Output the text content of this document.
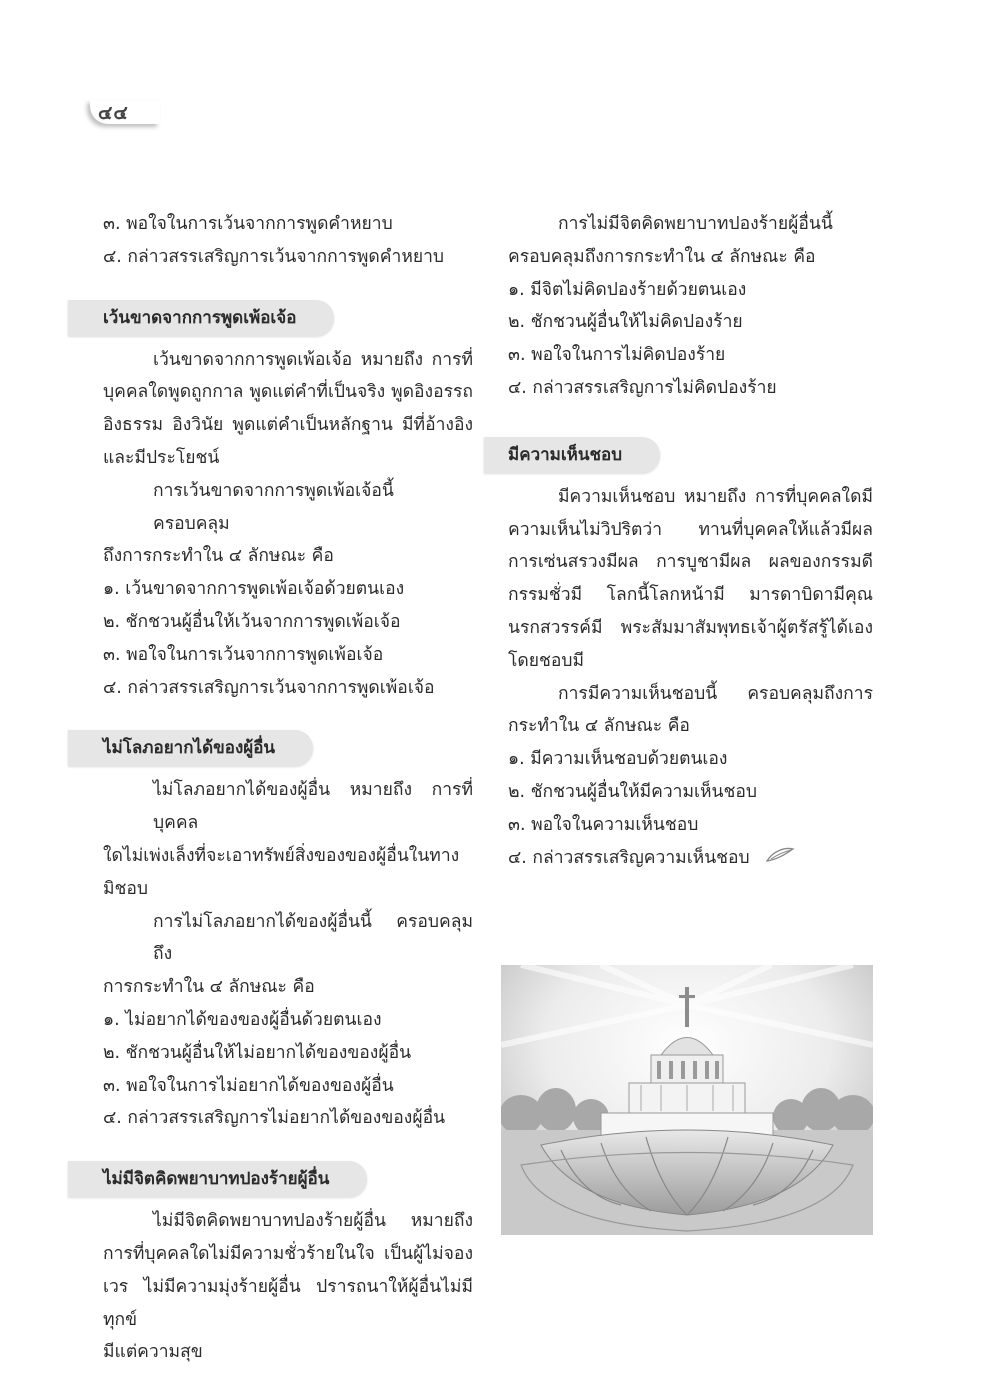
๔๔
๓. พอใจในการเว้นจากการพูดคำหยาบ
๔. กล่าวสรรเสริญการเว้นจากการพูดคำหยาบ
เว้นขาดจากการพูดเพ้อเจ้อ
เว้นขาดจากการพูดเพ้อเจ้อ หมายถึง การที่
บุคคลใดพูดถูกกาล พูดแต่คำที่เป็นจริง พูดอิงอรรถ
อิงธรรม อิงวินัย พูดแต่คำเป็นหลักฐาน มีที่อ้างอิง
และมีประโยชน์
การเว้นขาดจากการพูดเพ้อเจ้อนี้ ครอบคลุม
ถึงการกระทำใน ๔ ลักษณะ คือ
๑. เว้นขาดจากการพูดเพ้อเจ้อด้วยตนเอง
๒. ชักชวนผู้อื่นให้เว้นจากการพูดเพ้อเจ้อ
๓. พอใจในการเว้นจากการพูดเพ้อเจ้อ
๔. กล่าวสรรเสริญการเว้นจากการพูดเพ้อเจ้อ
ไม่โลภอยากได้ของผู้อื่น
ไม่โลภอยากได้ของผู้อื่น หมายถึง การที่บุคคล
ใดไม่เพ่งเล็งที่จะเอาทรัพย์สิ่งของของผู้อื่นในทาง
มิชอบ
การไม่โลภอยากได้ของผู้อื่นนี้ ครอบคลุมถึง
การกระทำใน ๔ ลักษณะ คือ
๑. ไม่อยากได้ของของผู้อื่นด้วยตนเอง
๒. ชักชวนผู้อื่นให้ไม่อยากได้ของของผู้อื่น
๓. พอใจในการไม่อยากได้ของของผู้อื่น
๔. กล่าวสรรเสริญการไม่อยากได้ของของผู้อื่น
ไม่มีจิตคิดพยาบาทปองร้ายผู้อื่น
ไม่มีจิตคิดพยาบาทปองร้ายผู้อื่น หมายถึง
การที่บุคคลใดไม่มีความชั่วร้ายในใจ เป็นผู้ไม่จอง
เวร ไม่มีความมุ่งร้ายผู้อื่น ปรารถนาให้ผู้อื่นไม่มีทุกข์
มีแต่ความสุข
การไม่มีจิตคิดพยาบาทปองร้ายผู้อื่นนี้
ครอบคลุมถึงการกระทำใน ๔ ลักษณะ คือ
๑. มีจิตไม่คิดปองร้ายด้วยตนเอง
๒. ชักชวนผู้อื่นให้ไม่คิดปองร้าย
๓. พอใจในการไม่คิดปองร้าย
๔. กล่าวสรรเสริญการไม่คิดปองร้าย
มีความเห็นชอบ
มีความเห็นชอบ หมายถึง การที่บุคคลใดมี
ความเห็นไม่วิปริตว่า ทานที่บุคคลให้แล้วมีผล
การเซ่นสรวงมีผล การบูชามีผล ผลของกรรมดี
กรรมชั่วมี โลกนี้โลกหน้ามี มารดาบิดามีคุณ
นรกสวรรค์มี พระสัมมาสัมพุทธเจ้าผู้ตรัสรู้ได้เอง
โดยชอบมี
การมีความเห็นชอบนี้ ครอบคลุมถึงการ
กระทำใน ๔ ลักษณะ คือ
๑. มีความเห็นชอบด้วยตนเอง
๒. ชักชวนผู้อื่นให้มีความเห็นชอบ
๓. พอใจในความเห็นชอบ
๔. กล่าวสรรเสริญความเห็นชอบ
